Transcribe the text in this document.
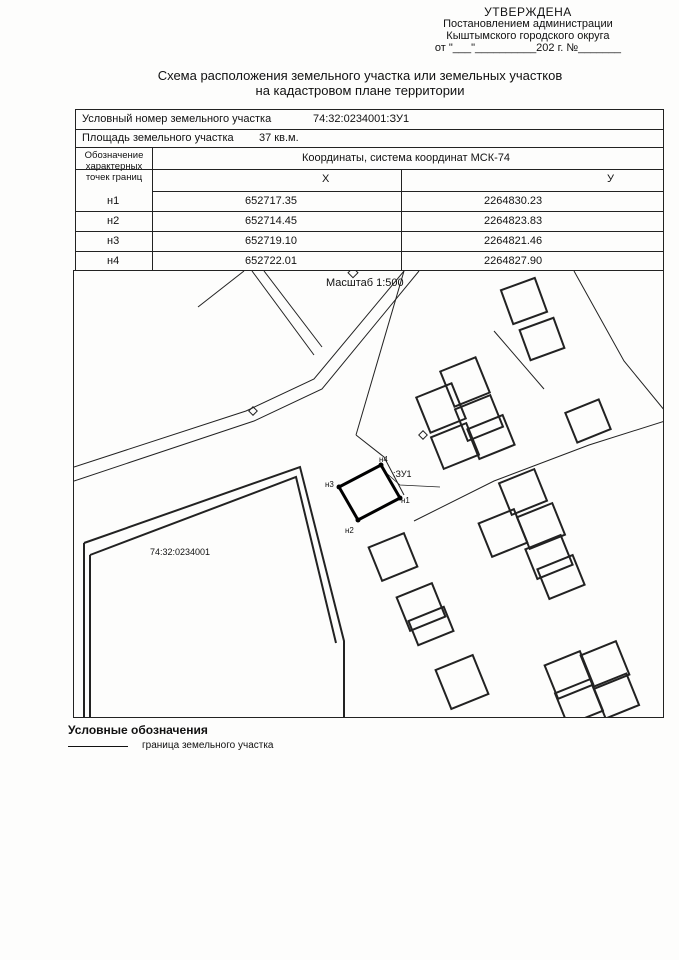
УТВЕРЖДЕНА
Постановлением администрации
Кыштымского городского округа
от "___"__________202 г. №_______
Схема расположения земельного участка или земельных участков
на кадастровом плане территории
Условный номер земельного участка	74:32:0234001:ЗУ1
Площадь земельного участка 37 кв.м.
Координаты, система координат МСК-74
Обозначение характерных точек границ	Х	У
н1	652717.35	2264830.23
н2	652714.45	2264823.83
н3	652719.10	2264821.46
н4	652722.01	2264827.90
Масштаб 1:500
74:32:0234001
:ЗУ1
н1
н2
н3
н4
Условные обозначения
граница земельного участка
